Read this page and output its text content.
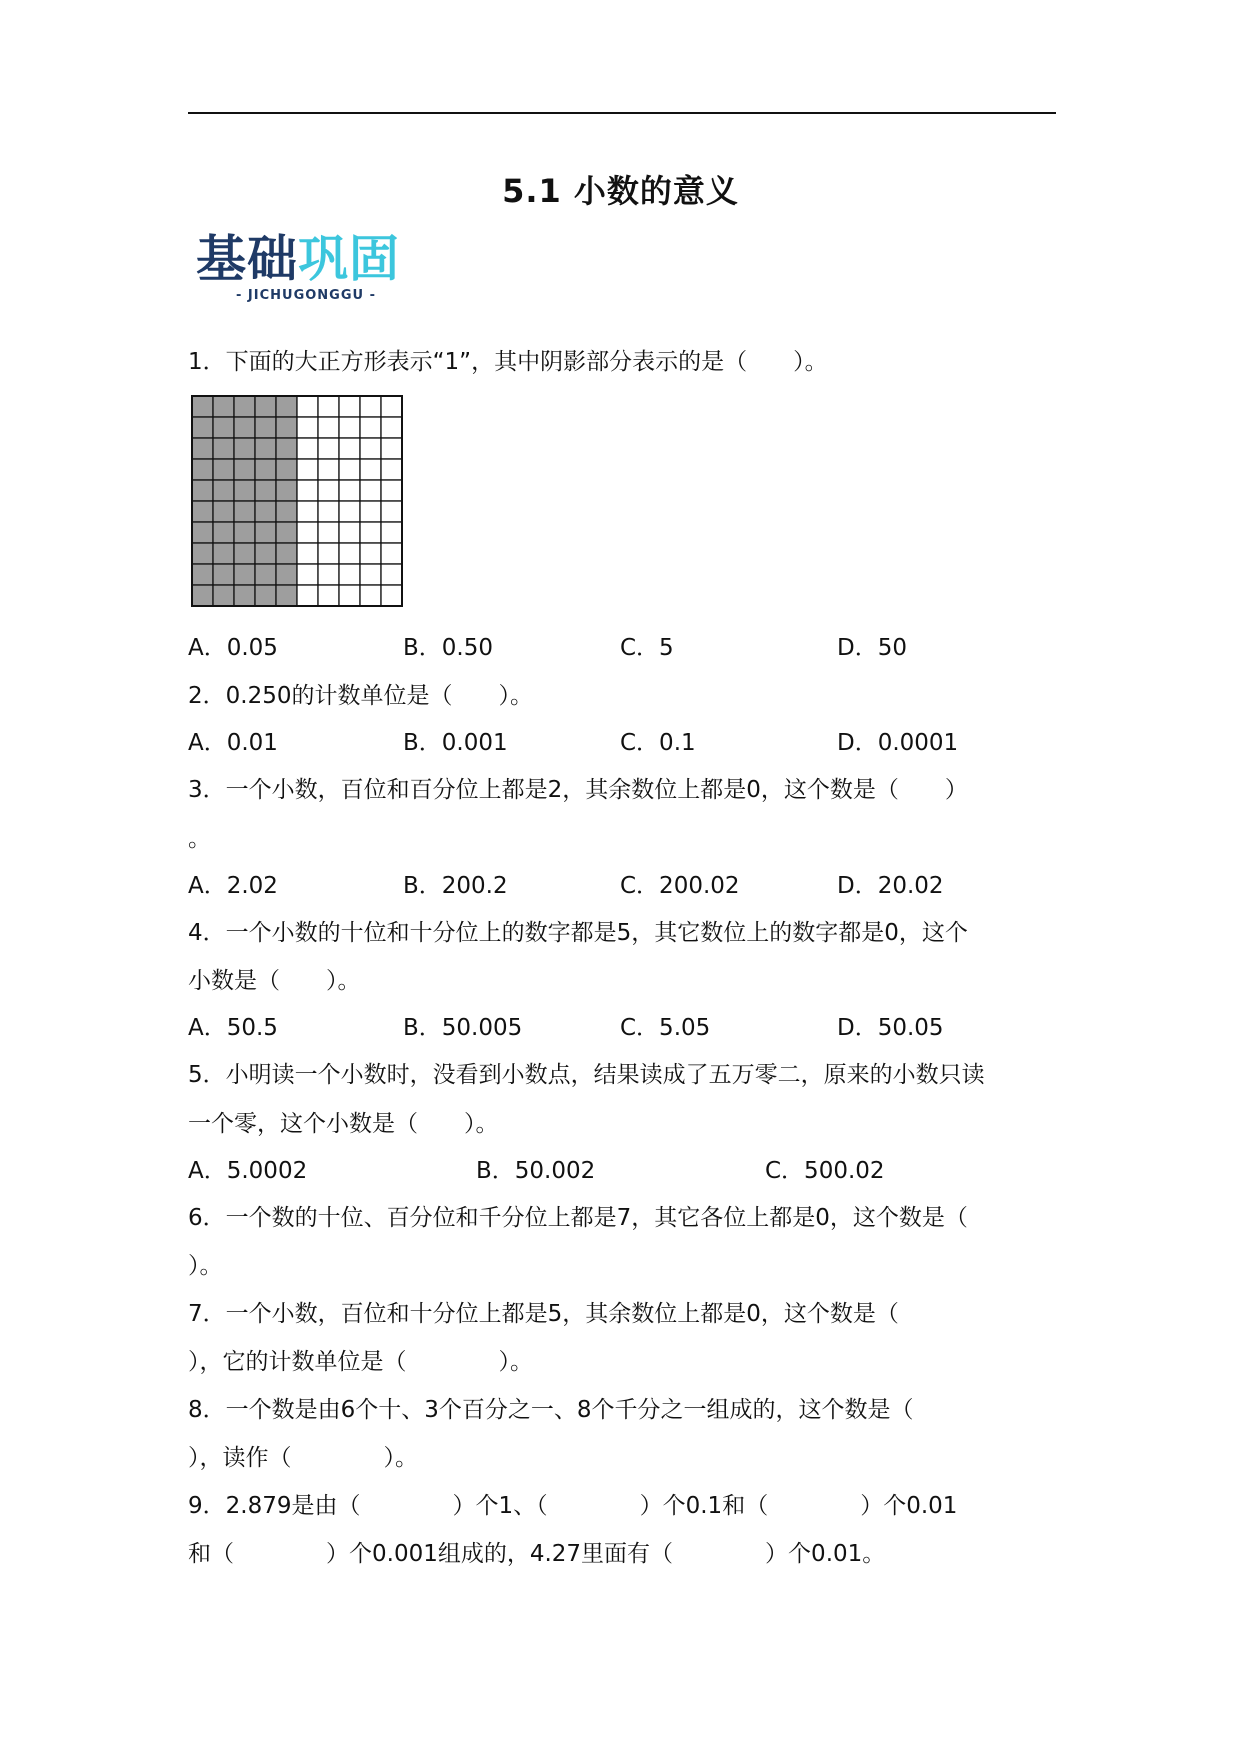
5.1 小数的意义
基础巩固
- JICHUGONGGU -
1．下面的大正方形表示“1”，其中阴影部分表示的是（　　）。
A．0.05	B．0.50	C．5	D．50
2．0.250的计数单位是（　　）。
A．0.01	B．0.001	C．0.1	D．0.0001
3．一个小数，百位和百分位上都是2，其余数位上都是0，这个数是（　　）
。
A．2.02	B．200.2	C．200.02	D．20.02
4．一个小数的十位和十分位上的数字都是5，其它数位上的数字都是0，这个
小数是（　　）。
A．50.5	B．50.005	C．5.05	D．50.05
5．小明读一个小数时，没看到小数点，结果读成了五万零二，原来的小数只读
一个零，这个小数是（　　）。
A．5.0002	B．50.002	C．500.02
6．一个数的十位、百分位和千分位上都是7，其它各位上都是0，这个数是（
）。
7．一个小数，百位和十分位上都是5，其余数位上都是0，这个数是（
），它的计数单位是（　　　　）。
8．一个数是由6个十、3个百分之一、8个千分之一组成的，这个数是（
），读作（　　　　）。
9．2.879是由（　　　　）个1、（　　　　）个0.1和（　　　　）个0.01
和（　　　　）个0.001组成的，4.27里面有（　　　　）个0.01。
